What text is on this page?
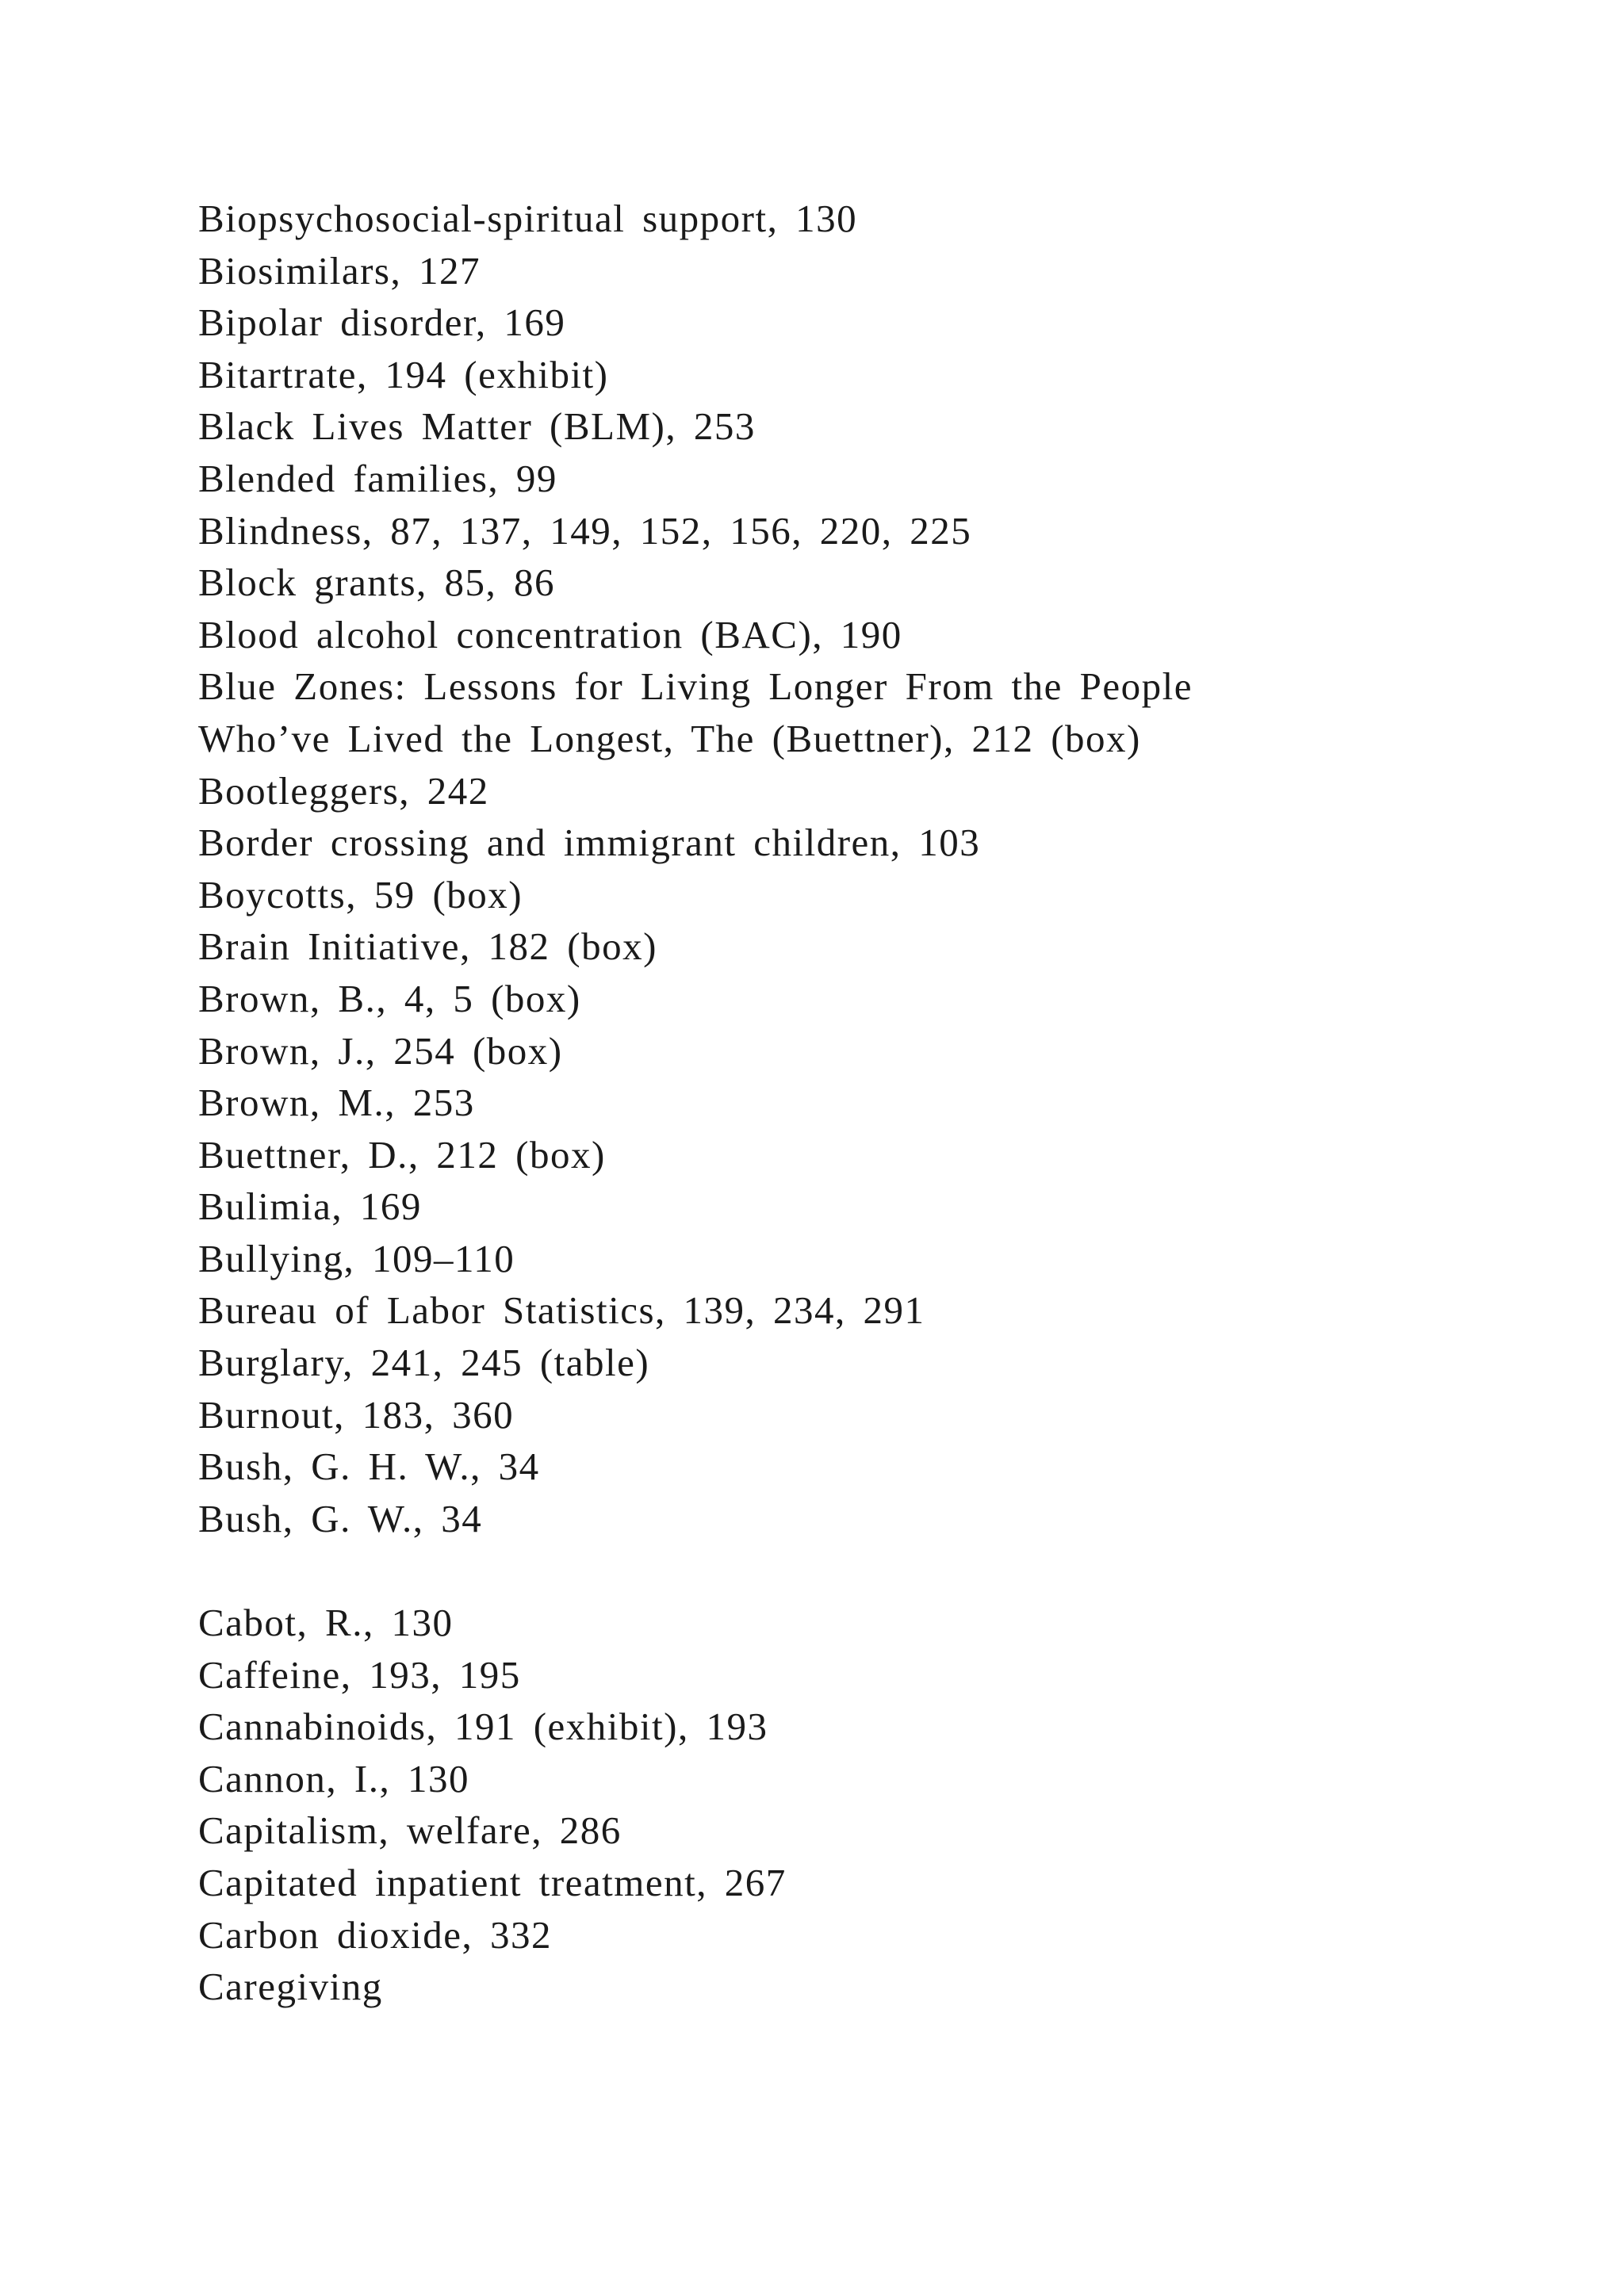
Biopsychosocial-spiritual support, 130
Biosimilars, 127
Bipolar disorder, 169
Bitartrate, 194 (exhibit)
Black Lives Matter (BLM), 253
Blended families, 99
Blindness, 87, 137, 149, 152, 156, 220, 225
Block grants, 85, 86
Blood alcohol concentration (BAC), 190
Blue Zones: Lessons for Living Longer From the People
Who’ve Lived the Longest, The (Buettner), 212 (box)
Bootleggers, 242
Border crossing and immigrant children, 103
Boycotts, 59 (box)
Brain Initiative, 182 (box)
Brown, B., 4, 5 (box)
Brown, J., 254 (box)
Brown, M., 253
Buettner, D., 212 (box)
Bulimia, 169
Bullying, 109–110
Bureau of Labor Statistics, 139, 234, 291
Burglary, 241, 245 (table)
Burnout, 183, 360
Bush, G. H. W., 34
Bush, G. W., 34
Cabot, R., 130
Caffeine, 193, 195
Cannabinoids, 191 (exhibit), 193
Cannon, I., 130
Capitalism, welfare, 286
Capitated inpatient treatment, 267
Carbon dioxide, 332
Caregiving
